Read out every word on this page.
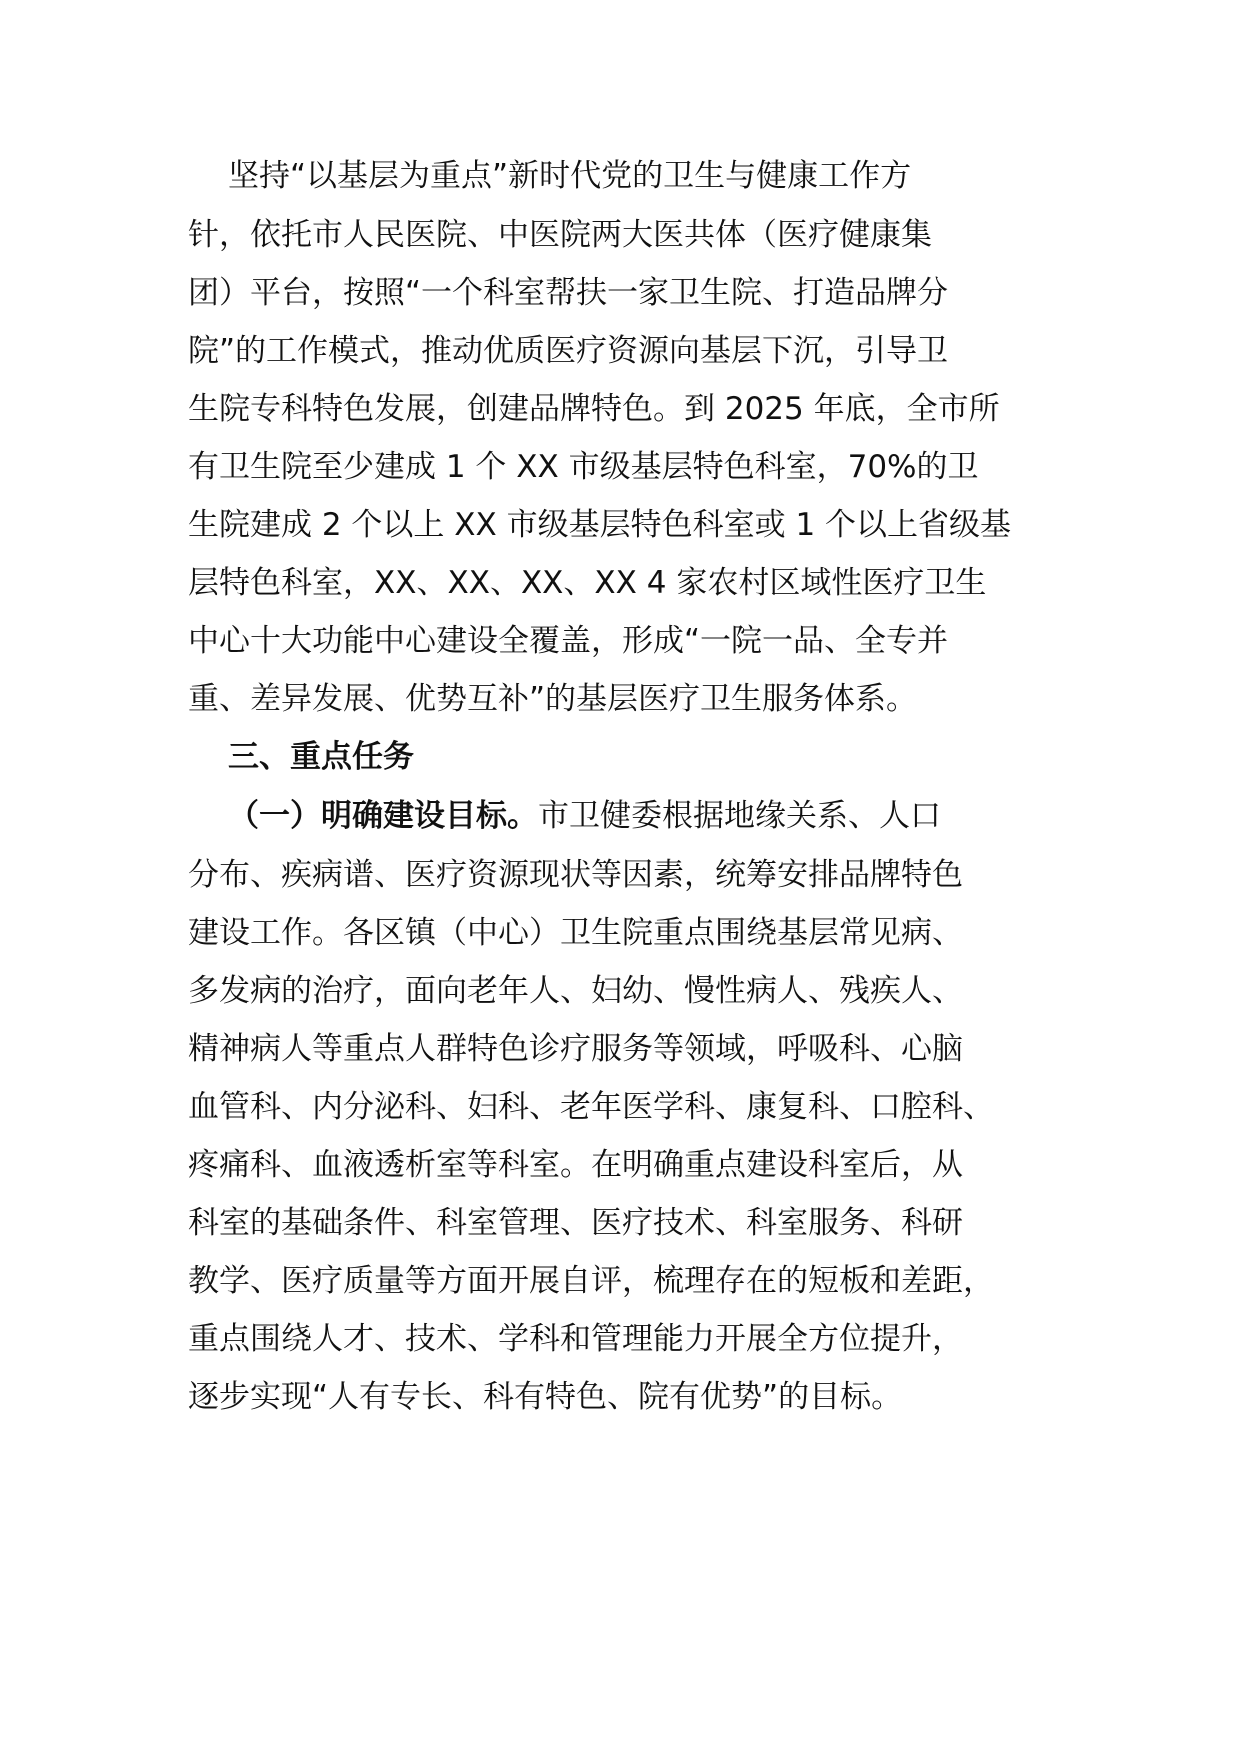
坚持“以基层为重点”新时代党的卫生与健康工作方
针，依托市人民医院、中医院两大医共体（医疗健康集
团）平台，按照“一个科室帮扶一家卫生院、打造品牌分
院”的工作模式，推动优质医疗资源向基层下沉，引导卫
生院专科特色发展，创建品牌特色。到 2025 年底，全市所
有卫生院至少建成 1 个 XX 市级基层特色科室，70%的卫
生院建成 2 个以上 XX 市级基层特色科室或 1 个以上省级基
层特色科室，XX、XX、XX、XX 4 家农村区域性医疗卫生
中心十大功能中心建设全覆盖，形成“一院一品、全专并
重、差异发展、优势互补”的基层医疗卫生服务体系。
三、重点任务
（一）明确建设目标。市卫健委根据地缘关系、人口
分布、疾病谱、医疗资源现状等因素，统筹安排品牌特色
建设工作。各区镇（中心）卫生院重点围绕基层常见病、
多发病的治疗，面向老年人、妇幼、慢性病人、残疾人、
精神病人等重点人群特色诊疗服务等领域，呼吸科、心脑
血管科、内分泌科、妇科、老年医学科、康复科、口腔科、
疼痛科、血液透析室等科室。在明确重点建设科室后，从
科室的基础条件、科室管理、医疗技术、科室服务、科研
教学、医疗质量等方面开展自评，梳理存在的短板和差距，
重点围绕人才、技术、学科和管理能力开展全方位提升，
逐步实现“人有专长、科有特色、院有优势”的目标。
